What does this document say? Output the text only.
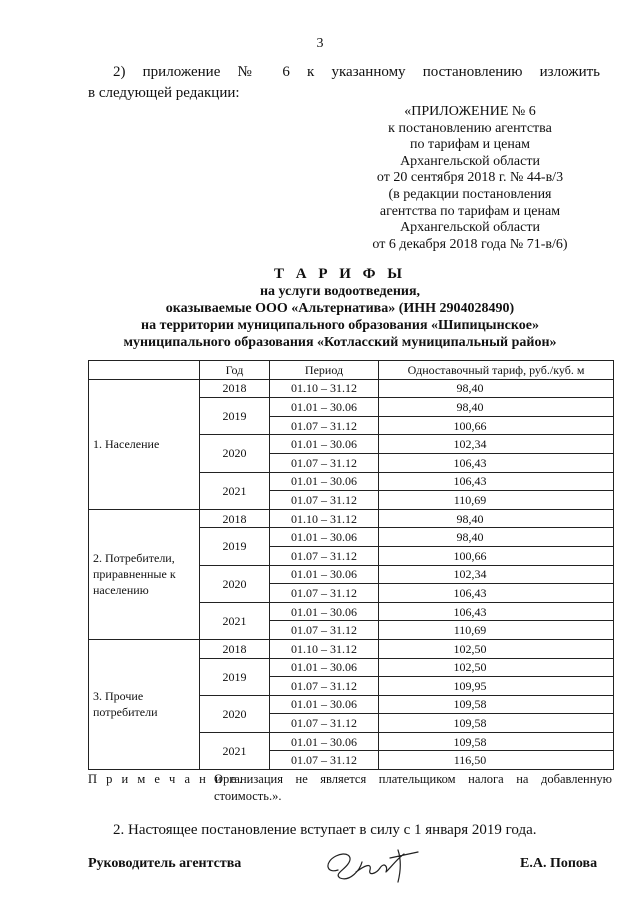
3
2) приложение № 6 к указанному постановлению изложить
в следующей редакции:
«ПРИЛОЖЕНИЕ № 6
к постановлению агентства
по тарифам и ценам
Архангельской области
от 20 сентября 2018 г. № 44-в/3
(в редакции постановления
агентства по тарифам и ценам
Архангельской области
от 6 декабря 2018 года № 71-в/6)
Т А Р И Ф Ы
на услуги водоотведения,
оказываемые ООО «Альтернатива» (ИНН 2904028490)
на территории муниципального образования «Шипицынское»
муниципального образования «Котласский муниципальный район»
	Год	Период	Одноставочный тариф, руб./куб. м
1. Население	2018	01.10 – 31.12	98,40
	2019	01.01 – 30.06	98,40
		01.07 – 31.12	100,66
	2020	01.01 – 30.06	102,34
		01.07 – 31.12	106,43
	2021	01.01 – 30.06	106,43
		01.07 – 31.12	110,69
2. Потребители, приравненные к населению	2018	01.10 – 31.12	98,40
	2019	01.01 – 30.06	98,40
		01.07 – 31.12	100,66
	2020	01.01 – 30.06	102,34
		01.07 – 31.12	106,43
	2021	01.01 – 30.06	106,43
		01.07 – 31.12	110,69
3. Прочие потребители	2018	01.10 – 31.12	102,50
	2019	01.01 – 30.06	102,50
		01.07 – 31.12	109,95
	2020	01.01 – 30.06	109,58
		01.07 – 31.12	109,58
	2021	01.01 – 30.06	109,58
		01.07 – 31.12	116,50
П р и м е ч а н и е.
Организация не является плательщиком налога на добавленную
стоимость.».
2. Настоящее постановление вступает в силу с 1 января 2019 года.
Руководитель агентства	Е.А. Попова
